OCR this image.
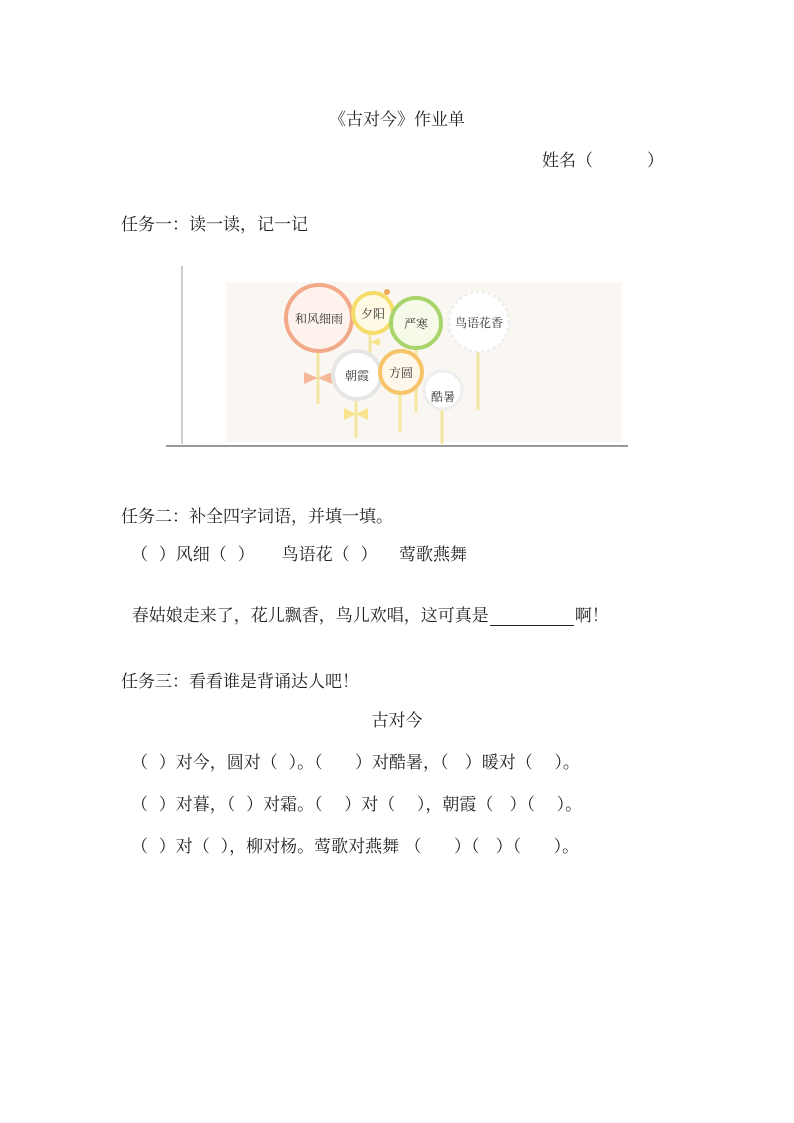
《古对今》作业单
姓名（          ）
任务一：读一读，记一记
和风细雨 夕阳
严寒 鸟语花香
朝霞 方圆
酷暑
任务二：补全四字词语，并填一填。
（  ）风细（  ）     鸟语花（  ）    莺歌燕舞

春姑娘走来了，花儿飘香，鸟儿欢唱，这可真是	啊！

任务三：看看谁是背诵达人吧！
古对今
（  ）对今，圆对（  ）。（      ）对酷暑，（   ）暖对（    ）。
（  ）对暮，（  ）对霜。（    ）对（    ），朝霞（   ）（    ）。
（  ）对（  ），柳对杨。莺歌对燕舞 （      ）（   ）（      ）。
